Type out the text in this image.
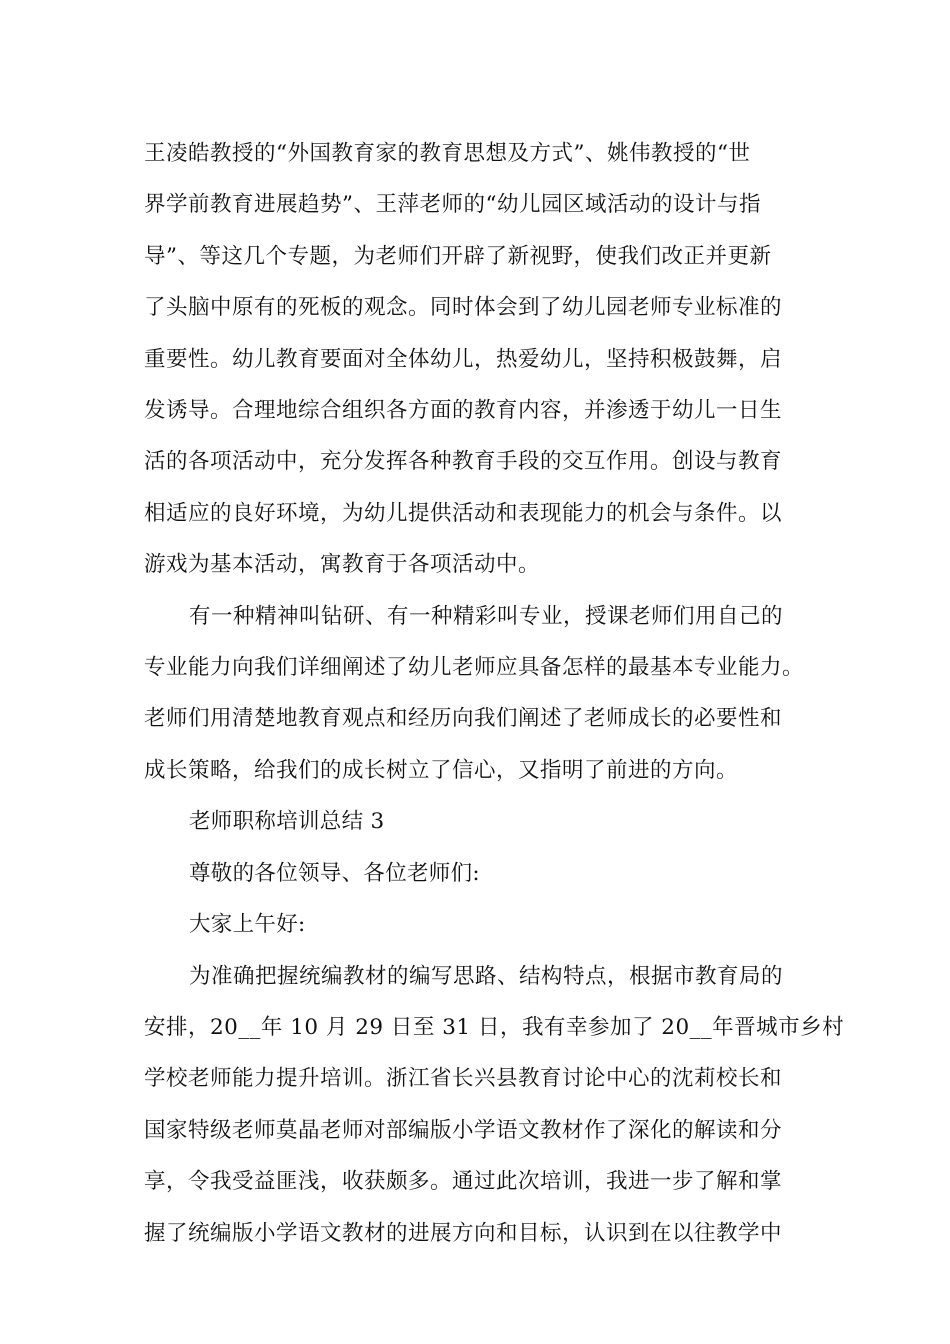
王凌皓教授的“外国教育家的教育思想及方式”、姚伟教授的“世
界学前教育进展趋势”、王萍老师的“幼儿园区域活动的设计与指
导”、等这几个专题，为老师们开辟了新视野，使我们改正并更新
了头脑中原有的死板的观念。同时体会到了幼儿园老师专业标准的
重要性。幼儿教育要面对全体幼儿，热爱幼儿，坚持积极鼓舞，启
发诱导。合理地综合组织各方面的教育内容，并渗透于幼儿一日生
活的各项活动中，充分发挥各种教育手段的交互作用。创设与教育
相适应的良好环境，为幼儿提供活动和表现能力的机会与条件。以
游戏为基本活动，寓教育于各项活动中。
有一种精神叫钻研、有一种精彩叫专业，授课老师们用自己的
专业能力向我们详细阐述了幼儿老师应具备怎样的最基本专业能力。
老师们用清楚地教育观点和经历向我们阐述了老师成长的必要性和
成长策略，给我们的成长树立了信心，又指明了前进的方向。
老师职称培训总结 3
尊敬的各位领导、各位老师们:
大家上午好:
为准确把握统编教材的编写思路、结构特点，根据市教育局的
安排，20__年 10 月 29 日至 31 日，我有幸参加了 20__年晋城市乡村
学校老师能力提升培训。浙江省长兴县教育讨论中心的沈莉校长和
国家特级老师莫晶老师对部编版小学语文教材作了深化的解读和分
享，令我受益匪浅，收获颇多。通过此次培训，我进一步了解和掌
握了统编版小学语文教材的进展方向和目标，认识到在以往教学中
